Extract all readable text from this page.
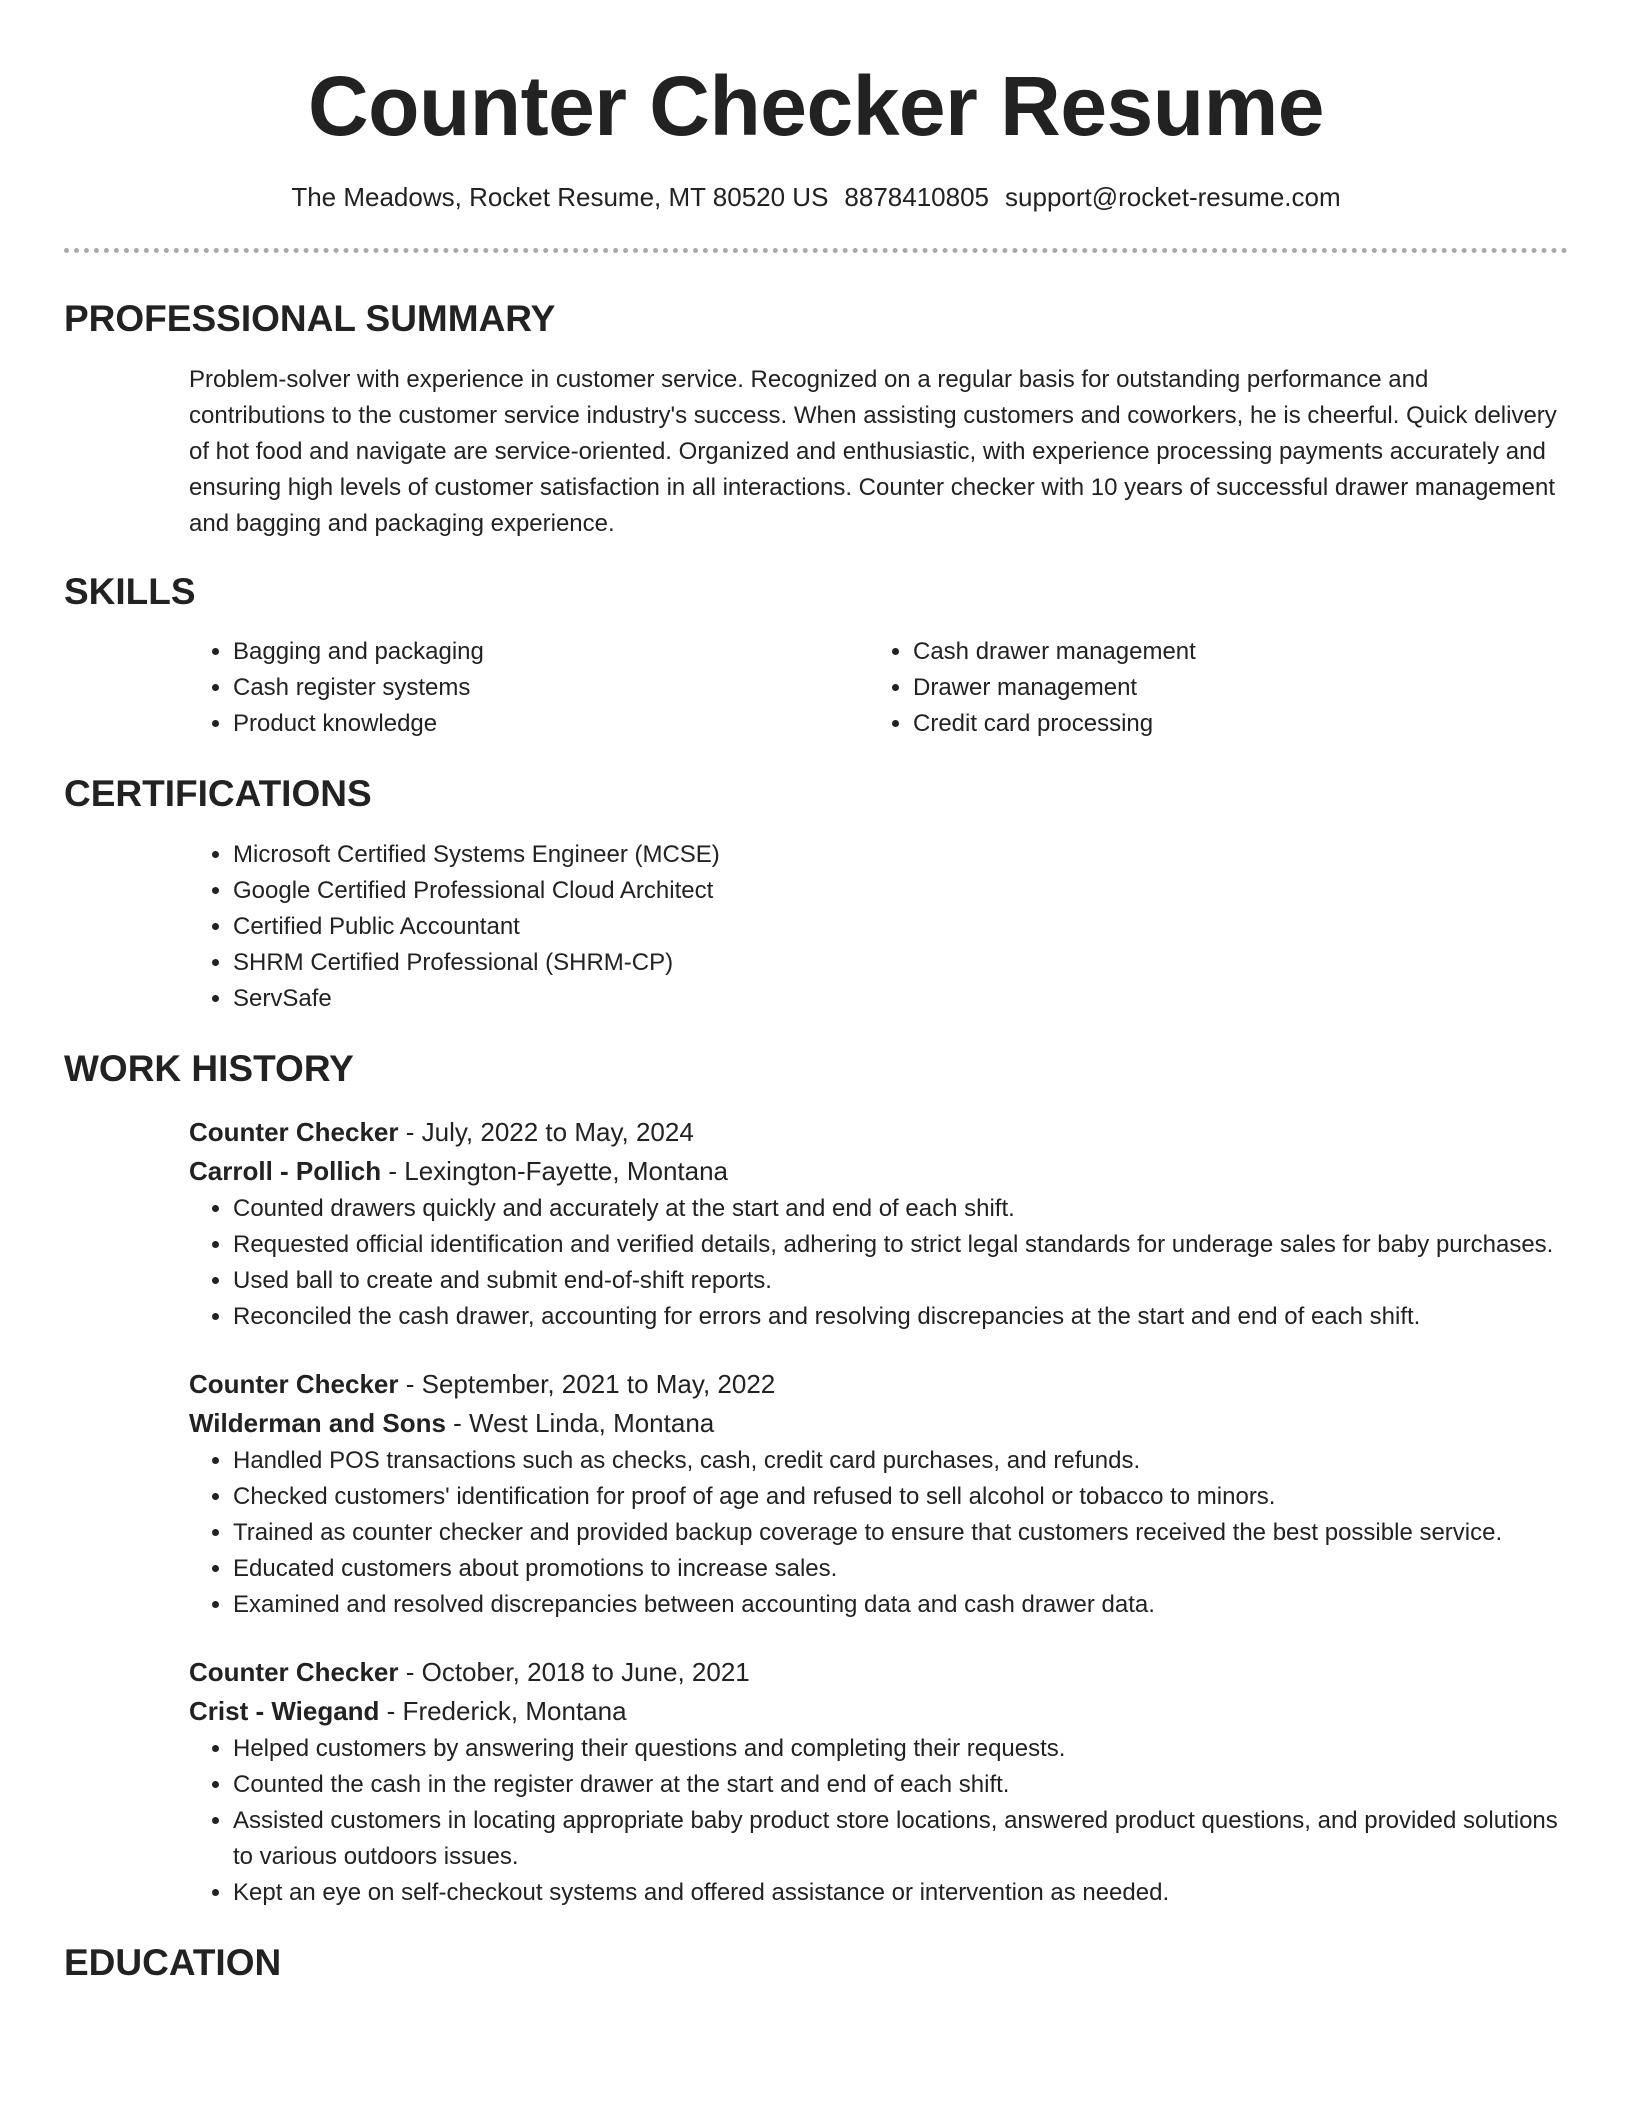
Counter Checker Resume
The Meadows, Rocket Resume, MT 80520 US 8878410805 support@rocket-resume.com
PROFESSIONAL SUMMARY

Problem-solver with experience in customer service. Recognized on a regular basis for outstanding performance and contributions to the customer service industry's success. When assisting customers and coworkers, he is cheerful. Quick delivery of hot food and navigate are service-oriented. Organized and enthusiastic, with experience processing payments accurately and ensuring high levels of customer satisfaction in all interactions. Counter checker with 10 years of successful drawer management and bagging and packaging experience.

SKILLS
• Bagging and packaging
• Cash register systems
• Product knowledge
• Cash drawer management
• Drawer management
• Credit card processing
CERTIFICATIONS
• Microsoft Certified Systems Engineer (MCSE)
• Google Certified Professional Cloud Architect
• Certified Public Accountant
• SHRM Certified Professional (SHRM-CP)
• ServSafe
WORK HISTORY
Counter Checker - July, 2022 to May, 2024
Carroll - Pollich - Lexington-Fayette, Montana
• Counted drawers quickly and accurately at the start and end of each shift.
• Requested official identification and verified details, adhering to strict legal standards for underage sales for baby purchases.
• Used ball to create and submit end-of-shift reports.
• Reconciled the cash drawer, accounting for errors and resolving discrepancies at the start and end of each shift.
Counter Checker - September, 2021 to May, 2022
Wilderman and Sons - West Linda, Montana
• Handled POS transactions such as checks, cash, credit card purchases, and refunds.
• Checked customers' identification for proof of age and refused to sell alcohol or tobacco to minors.
• Trained as counter checker and provided backup coverage to ensure that customers received the best possible service.
• Educated customers about promotions to increase sales.
• Examined and resolved discrepancies between accounting data and cash drawer data.
Counter Checker - October, 2018 to June, 2021
Crist - Wiegand - Frederick, Montana
• Helped customers by answering their questions and completing their requests.
• Counted the cash in the register drawer at the start and end of each shift.
• Assisted customers in locating appropriate baby product store locations, answered product questions, and provided solutions to various outdoors issues.
• Kept an eye on self-checkout systems and offered assistance or intervention as needed.
EDUCATION
